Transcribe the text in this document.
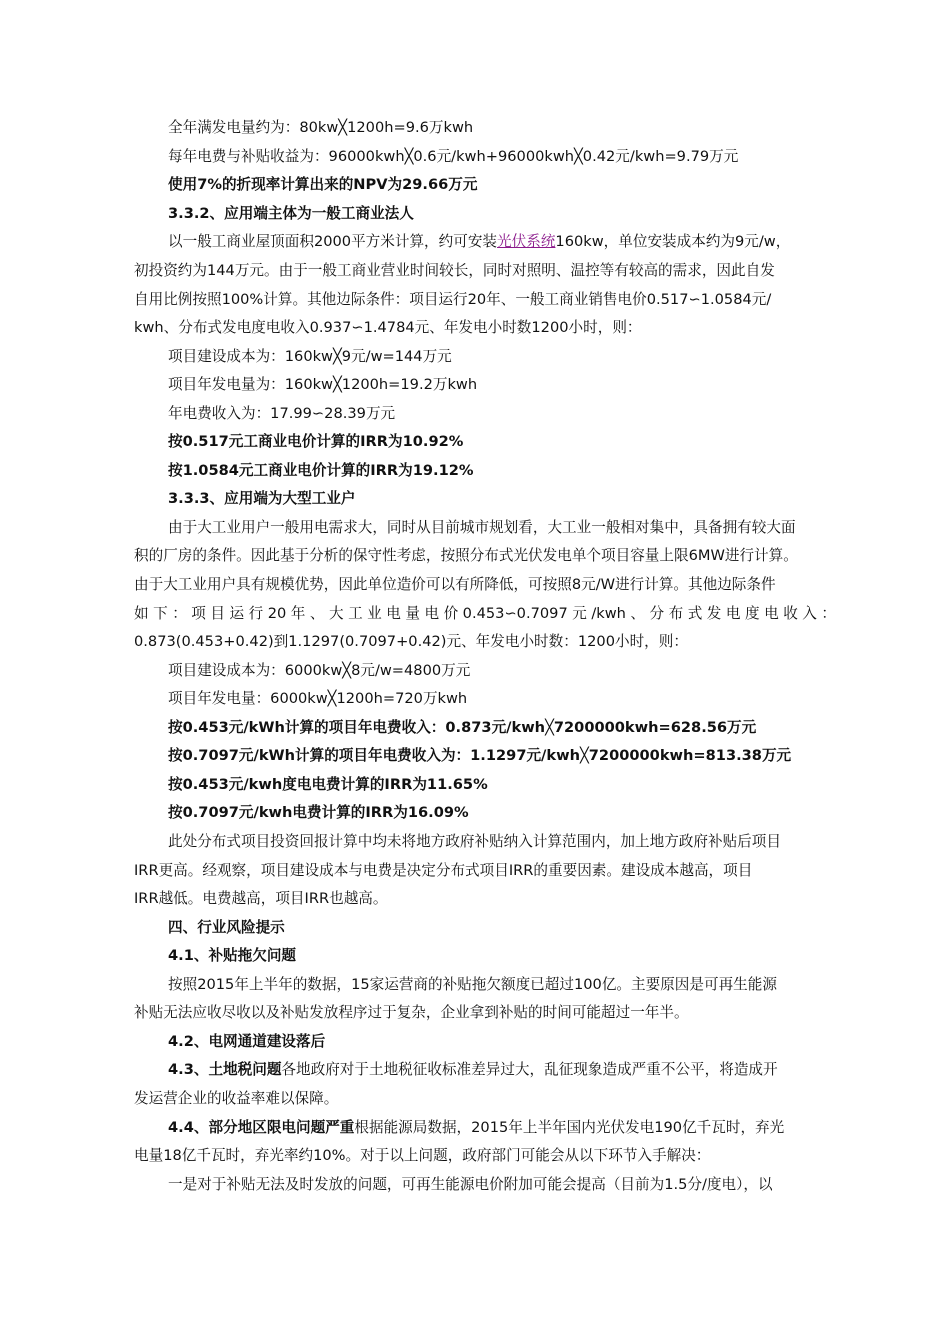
全年满发电量约为：80kw╳1200h=9.6万kwh
每年电费与补贴收益为：96000kwh╳0.6元/kwh+96000kwh╳0.42元/kwh=9.79万元
使用7%的折现率计算出来的NPV为29.66万元
3.3.2、应用端主体为一般工商业法人
以一般工商业屋顶面积2000平方米计算，约可安装光伏系统160kw，单位安装成本约为9元/w，
初投资约为144万元。由于一般工商业营业时间较长，同时对照明、温控等有较高的需求，因此自发
自用比例按照100%计算。其他边际条件：项目运行20年、一般工商业销售电价0.517∽1.0584元/
kwh、分布式发电度电收入0.937∽1.4784元、年发电小时数1200小时，则：
项目建设成本为：160kw╳9元/w=144万元
项目年发电量为：160kw╳1200h=19.2万kwh
年电费收入为：17.99∽28.39万元
按0.517元工商业电价计算的IRR为10.92%
按1.0584元工商业电价计算的IRR为19.12%
3.3.3、应用端为大型工业户
由于大工业用户一般用电需求大，同时从目前城市规划看，大工业一般相对集中，具备拥有较大面
积的厂房的条件。因此基于分析的保守性考虑，按照分布式光伏发电单个项目容量上限6MW进行计算。
由于大工业用户具有规模优势，因此单位造价可以有所降低，可按照8元/W进行计算。其他边际条件
如下：项目运行20年、大工业电量电价0.453∽0.7097元/kwh、分布式发电度电收入：
0.873(0.453+0.42)到1.1297(0.7097+0.42)元、年发电小时数：1200小时，则：
项目建设成本为：6000kw╳8元/w=4800万元
项目年发电量：6000kw╳1200h=720万kwh
按0.453元/kWh计算的项目年电费收入：0.873元/kwh╳7200000kwh=628.56万元
按0.7097元/kWh计算的项目年电费收入为：1.1297元/kwh╳7200000kwh=813.38万元
按0.453元/kwh度电电费计算的IRR为11.65%
按0.7097元/kwh电费计算的IRR为16.09%
此处分布式项目投资回报计算中均未将地方政府补贴纳入计算范围内，加上地方政府补贴后项目
IRR更高。经观察，项目建设成本与电费是决定分布式项目IRR的重要因素。建设成本越高，项目
IRR越低。电费越高，项目IRR也越高。
四、行业风险提示
4.1、补贴拖欠问题
按照2015年上半年的数据，15家运营商的补贴拖欠额度已超过100亿。主要原因是可再生能源
补贴无法应收尽收以及补贴发放程序过于复杂，企业拿到补贴的时间可能超过一年半。
4.2、电网通道建设落后
4.3、土地税问题各地政府对于土地税征收标准差异过大，乱征现象造成严重不公平，将造成开
发运营企业的收益率难以保障。
4.4、部分地区限电问题严重根据能源局数据，2015年上半年国内光伏发电190亿千瓦时，弃光
电量18亿千瓦时，弃光率约10%。对于以上问题，政府部门可能会从以下环节入手解决：
一是对于补贴无法及时发放的问题，可再生能源电价附加可能会提高（目前为1.5分/度电），以
